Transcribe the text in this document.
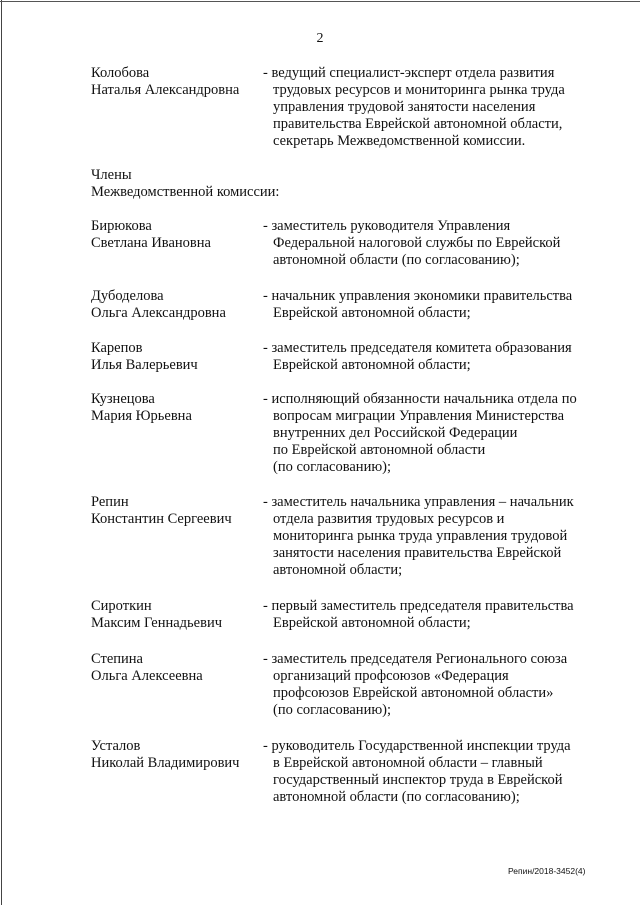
2
Колобова
Наталья Александровна
- ведущий специалист-эксперт отдела развития
трудовых ресурсов и мониторинга рынка труда
управления трудовой занятости населения
правительства Еврейской автономной области,
секретарь Межведомственной комиссии.
Члены
Межведомственной комиссии:
Бирюкова
Светлана Ивановна
- заместитель руководителя Управления
Федеральной налоговой службы по Еврейской
автономной области (по согласованию);
Дубоделова
Ольга Александровна
- начальник управления экономики правительства
Еврейской автономной области;
Карепов
Илья Валерьевич
- заместитель председателя комитета образования
Еврейской автономной области;
Кузнецова
Мария Юрьевна
- исполняющий обязанности начальника отдела по
вопросам миграции Управления Министерства
внутренних дел Российской Федерации
по Еврейской автономной области
(по согласованию);
Репин
Константин Сергеевич
- заместитель начальника управления – начальник
отдела развития трудовых ресурсов и
мониторинга рынка труда управления трудовой
занятости населения правительства Еврейской
автономной области;
Сироткин
Максим Геннадьевич
- первый заместитель председателя правительства
Еврейской автономной области;
Степина
Ольга Алексеевна
- заместитель председателя Регионального союза
организаций профсоюзов «Федерация
профсоюзов Еврейской автономной области»
(по согласованию);
Усталов
Николай Владимирович
- руководитель Государственной инспекции труда
в Еврейской автономной области – главный
государственный инспектор труда в Еврейской
автономной области (по согласованию);
Репин/2018-3452(4)
